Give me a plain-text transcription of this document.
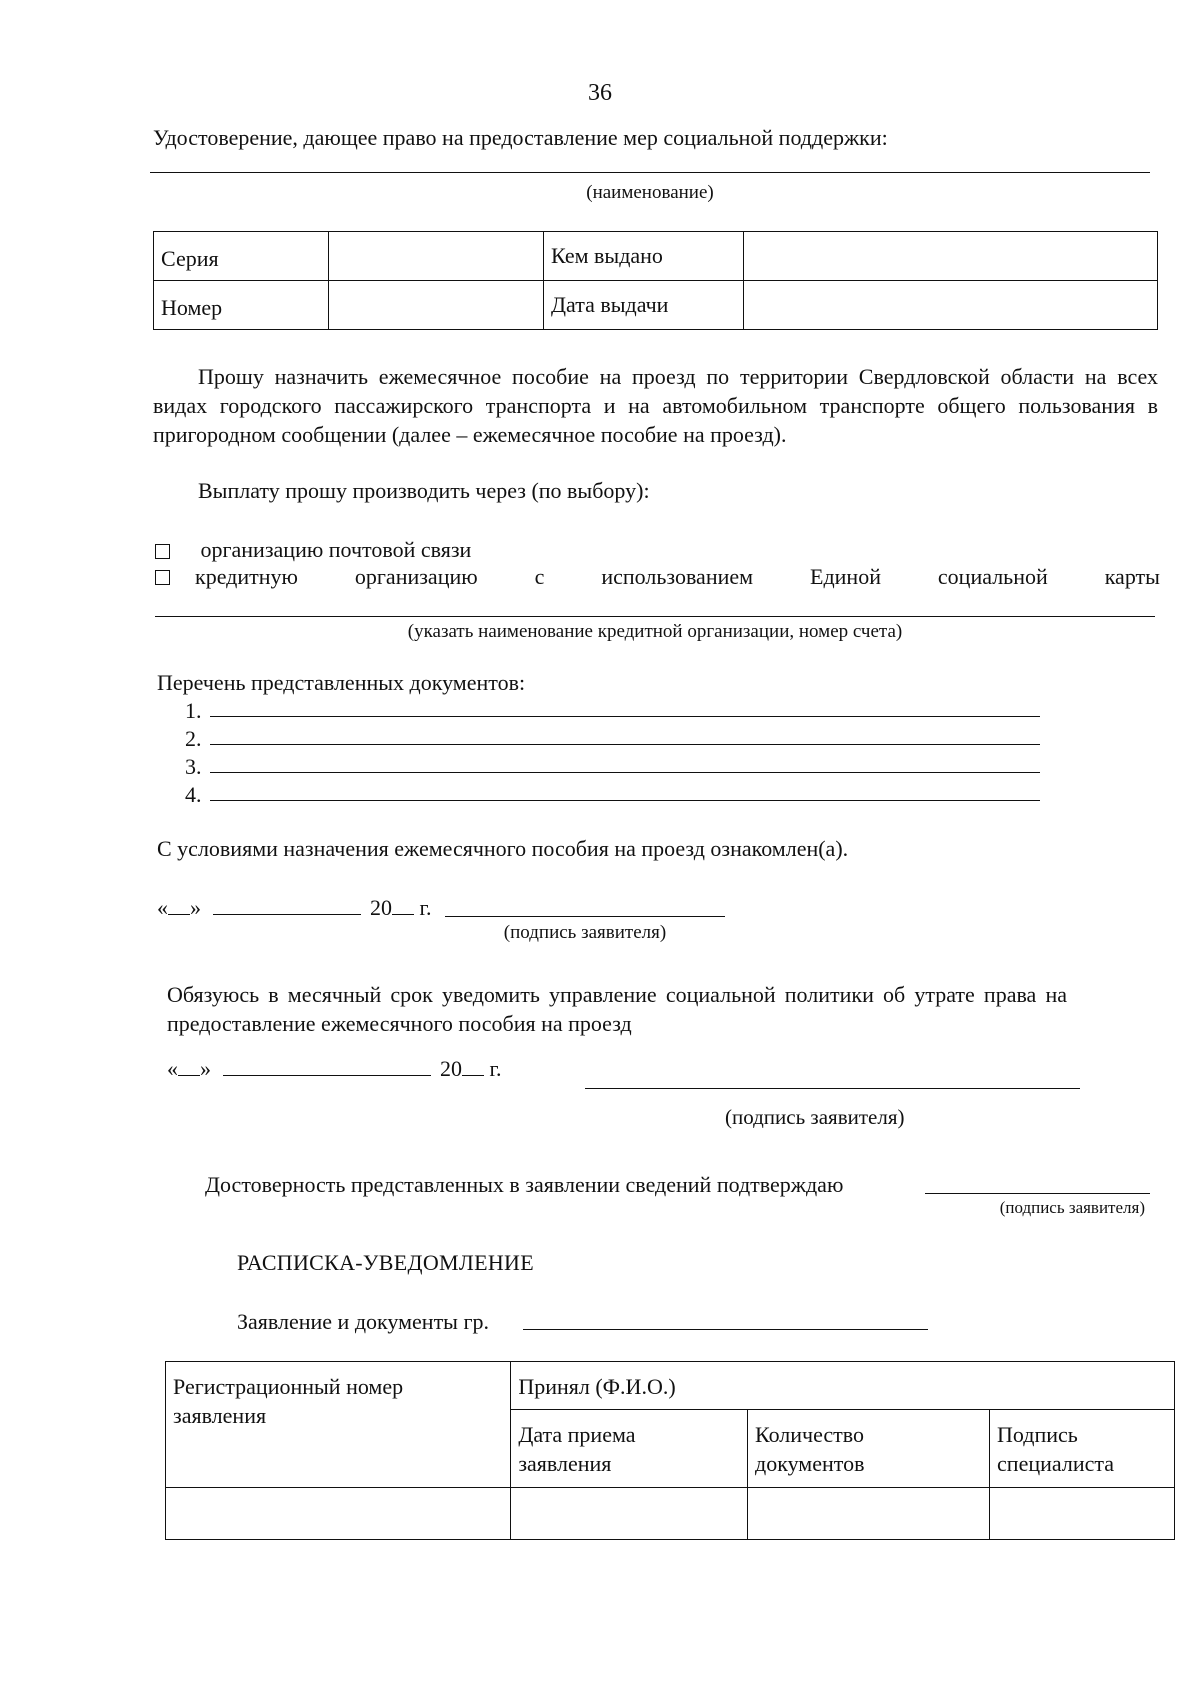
36
Удостоверение, дающее право на предоставление мер социальной поддержки:
(наименование)
Серия		Кем выдано	
Номер		Дата выдачи	
Прошу назначить ежемесячное пособие на проезд по территории Свердловской области на всех видах городского пассажирского транспорта и на автомобильном транспорте общего пользования в пригородном сообщении (далее – ежемесячное пособие на проезд).
Выплату прошу производить через (по выбору):
организацию почтовой связи
кредитную	организацию	с	использованием	Единой	социальной	карты
(указать наименование кредитной организации, номер счета)
Перечень представленных документов:
1.
2.
3.
4.
С условиями назначения ежемесячного пособия на проезд ознакомлен(а).
« »	20 г.
(подпись заявителя)
Обязуюсь в месячный срок уведомить управление социальной политики об утрате права на предоставление ежемесячного пособия на проезд
« »	20 г.
(подпись заявителя)
Достоверность представленных в заявлении сведений подтверждаю
(подпись заявителя)
РАСПИСКА-УВЕДОМЛЕНИЕ
Заявление и документы гр.
Регистрационный номер заявления	Принял (Ф.И.О.)		
	Дата приема заявления	Количество документов	Подпись специалиста
